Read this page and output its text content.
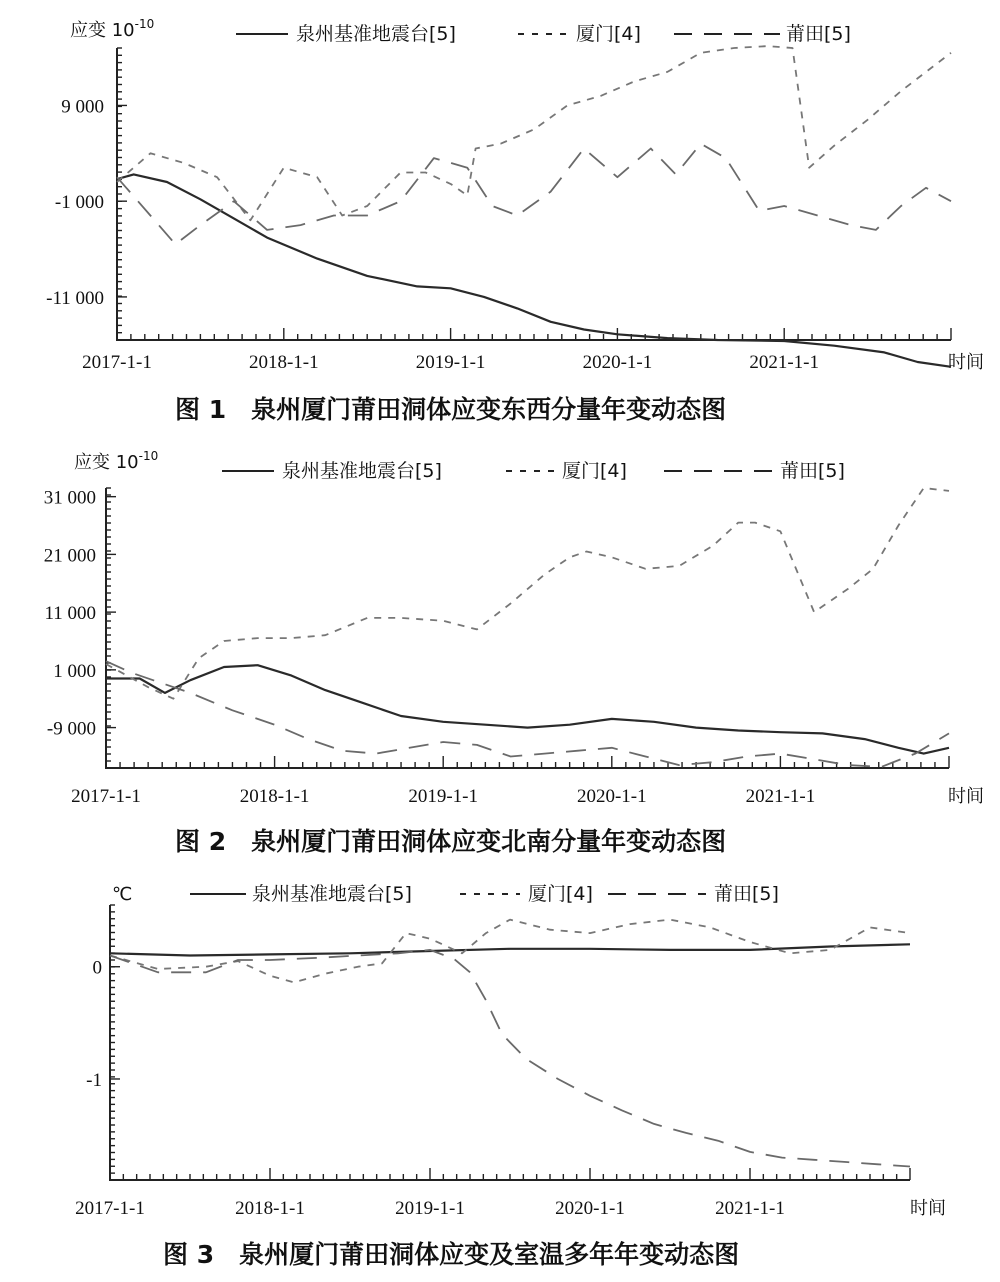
9 000
-1 000
-11 000
2017-1-1	2018-1-1	2019-1-1	2020-1-1	2021-1-1	时间
应变 $10^{-10}$	泉州基准地震台[5]	厦门[4]	莆田[5]
图 1　泉州厦门莆田洞体应变东西分量年变动态图
31 000
21 000
11 000
1 000
-9 000
2017-1-1	2018-1-1	2019-1-1	2020-1-1	2021-1-1	时间
应变 $10^{-10}$
泉州基准地震台[5]	厦门[4]	莆田[5]
图 2　泉州厦门莆田洞体应变北南分量年变动态图
0
-1
2017-1-1	2018-1-1	2019-1-1	2020-1-1	2021-1-1	时间
℃	泉州基准地震台[5]	厦门[4]	莆田[5]
图 3　泉州厦门莆田洞体应变及室温多年年变动态图
